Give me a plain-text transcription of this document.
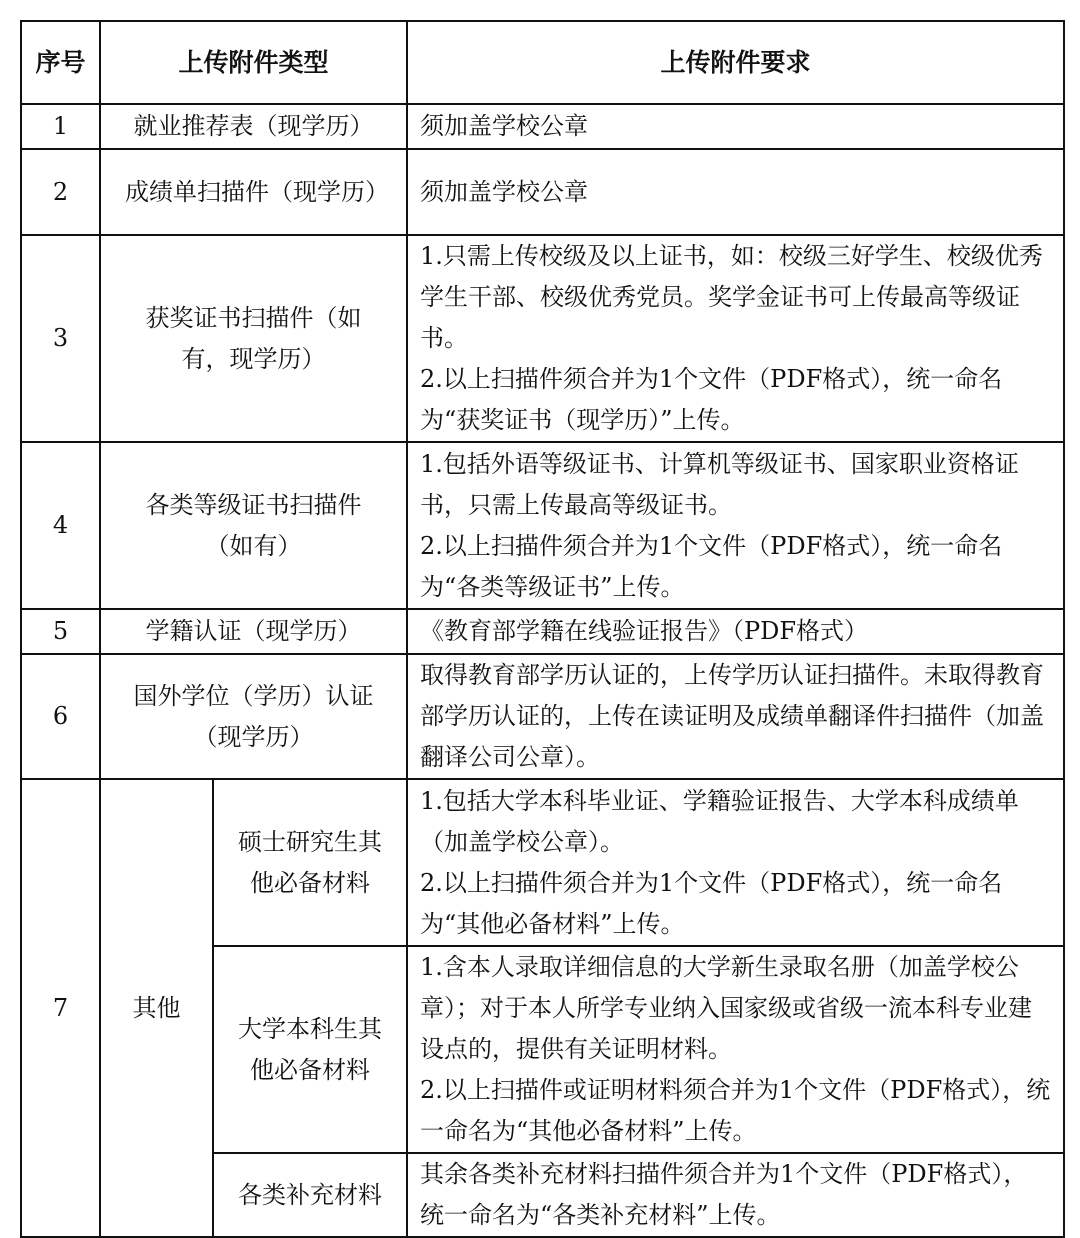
序号	上传附件类型		上传附件要求
1	就业推荐表（现学历）		须加盖学校公章
2	成绩单扫描件（现学历）		须加盖学校公章
3	获奖证书扫描件（如有，现学历）		1.只需上传校级及以上证书，如：校级三好学生、校级优秀学生干部、校级优秀党员。奖学金证书可上传最高等级证书。
2.以上扫描件须合并为1个文件（PDF格式），统一命名为“获奖证书（现学历）”上传。

4	各类等级证书扫描件（如有）		1.包括外语等级证书、计算机等级证书、国家职业资格证书，只需上传最高等级证书。
2.以上扫描件须合并为1个文件（PDF格式），统一命名为“各类等级证书”上传。

5	学籍认证（现学历）		《教育部学籍在线验证报告》（PDF格式）
6	国外学位（学历）认证（现学历）		取得教育部学历认证的，上传学历认证扫描件。未取得教育部学历认证的，上传在读证明及成绩单翻译件扫描件（加盖翻译公司公章）。
7	其他	硕士研究生其他必备材料	1.包括大学本科毕业证、学籍验证报告、大学本科成绩单（加盖学校公章）。
2.以上扫描件须合并为1个文件（PDF格式），统一命名为“其他必备材料”上传。

		大学本科生其他必备材料	1.含本人录取详细信息的大学新生录取名册（加盖学校公章）；对于本人所学专业纳入国家级或省级一流本科专业建设点的，提供有关证明材料。
2.以上扫描件或证明材料须合并为1个文件（PDF格式），统一命名为“其他必备材料”上传。

		各类补充材料	其余各类补充材料扫描件须合并为1个文件（PDF格式），统一命名为“各类补充材料”上传。
